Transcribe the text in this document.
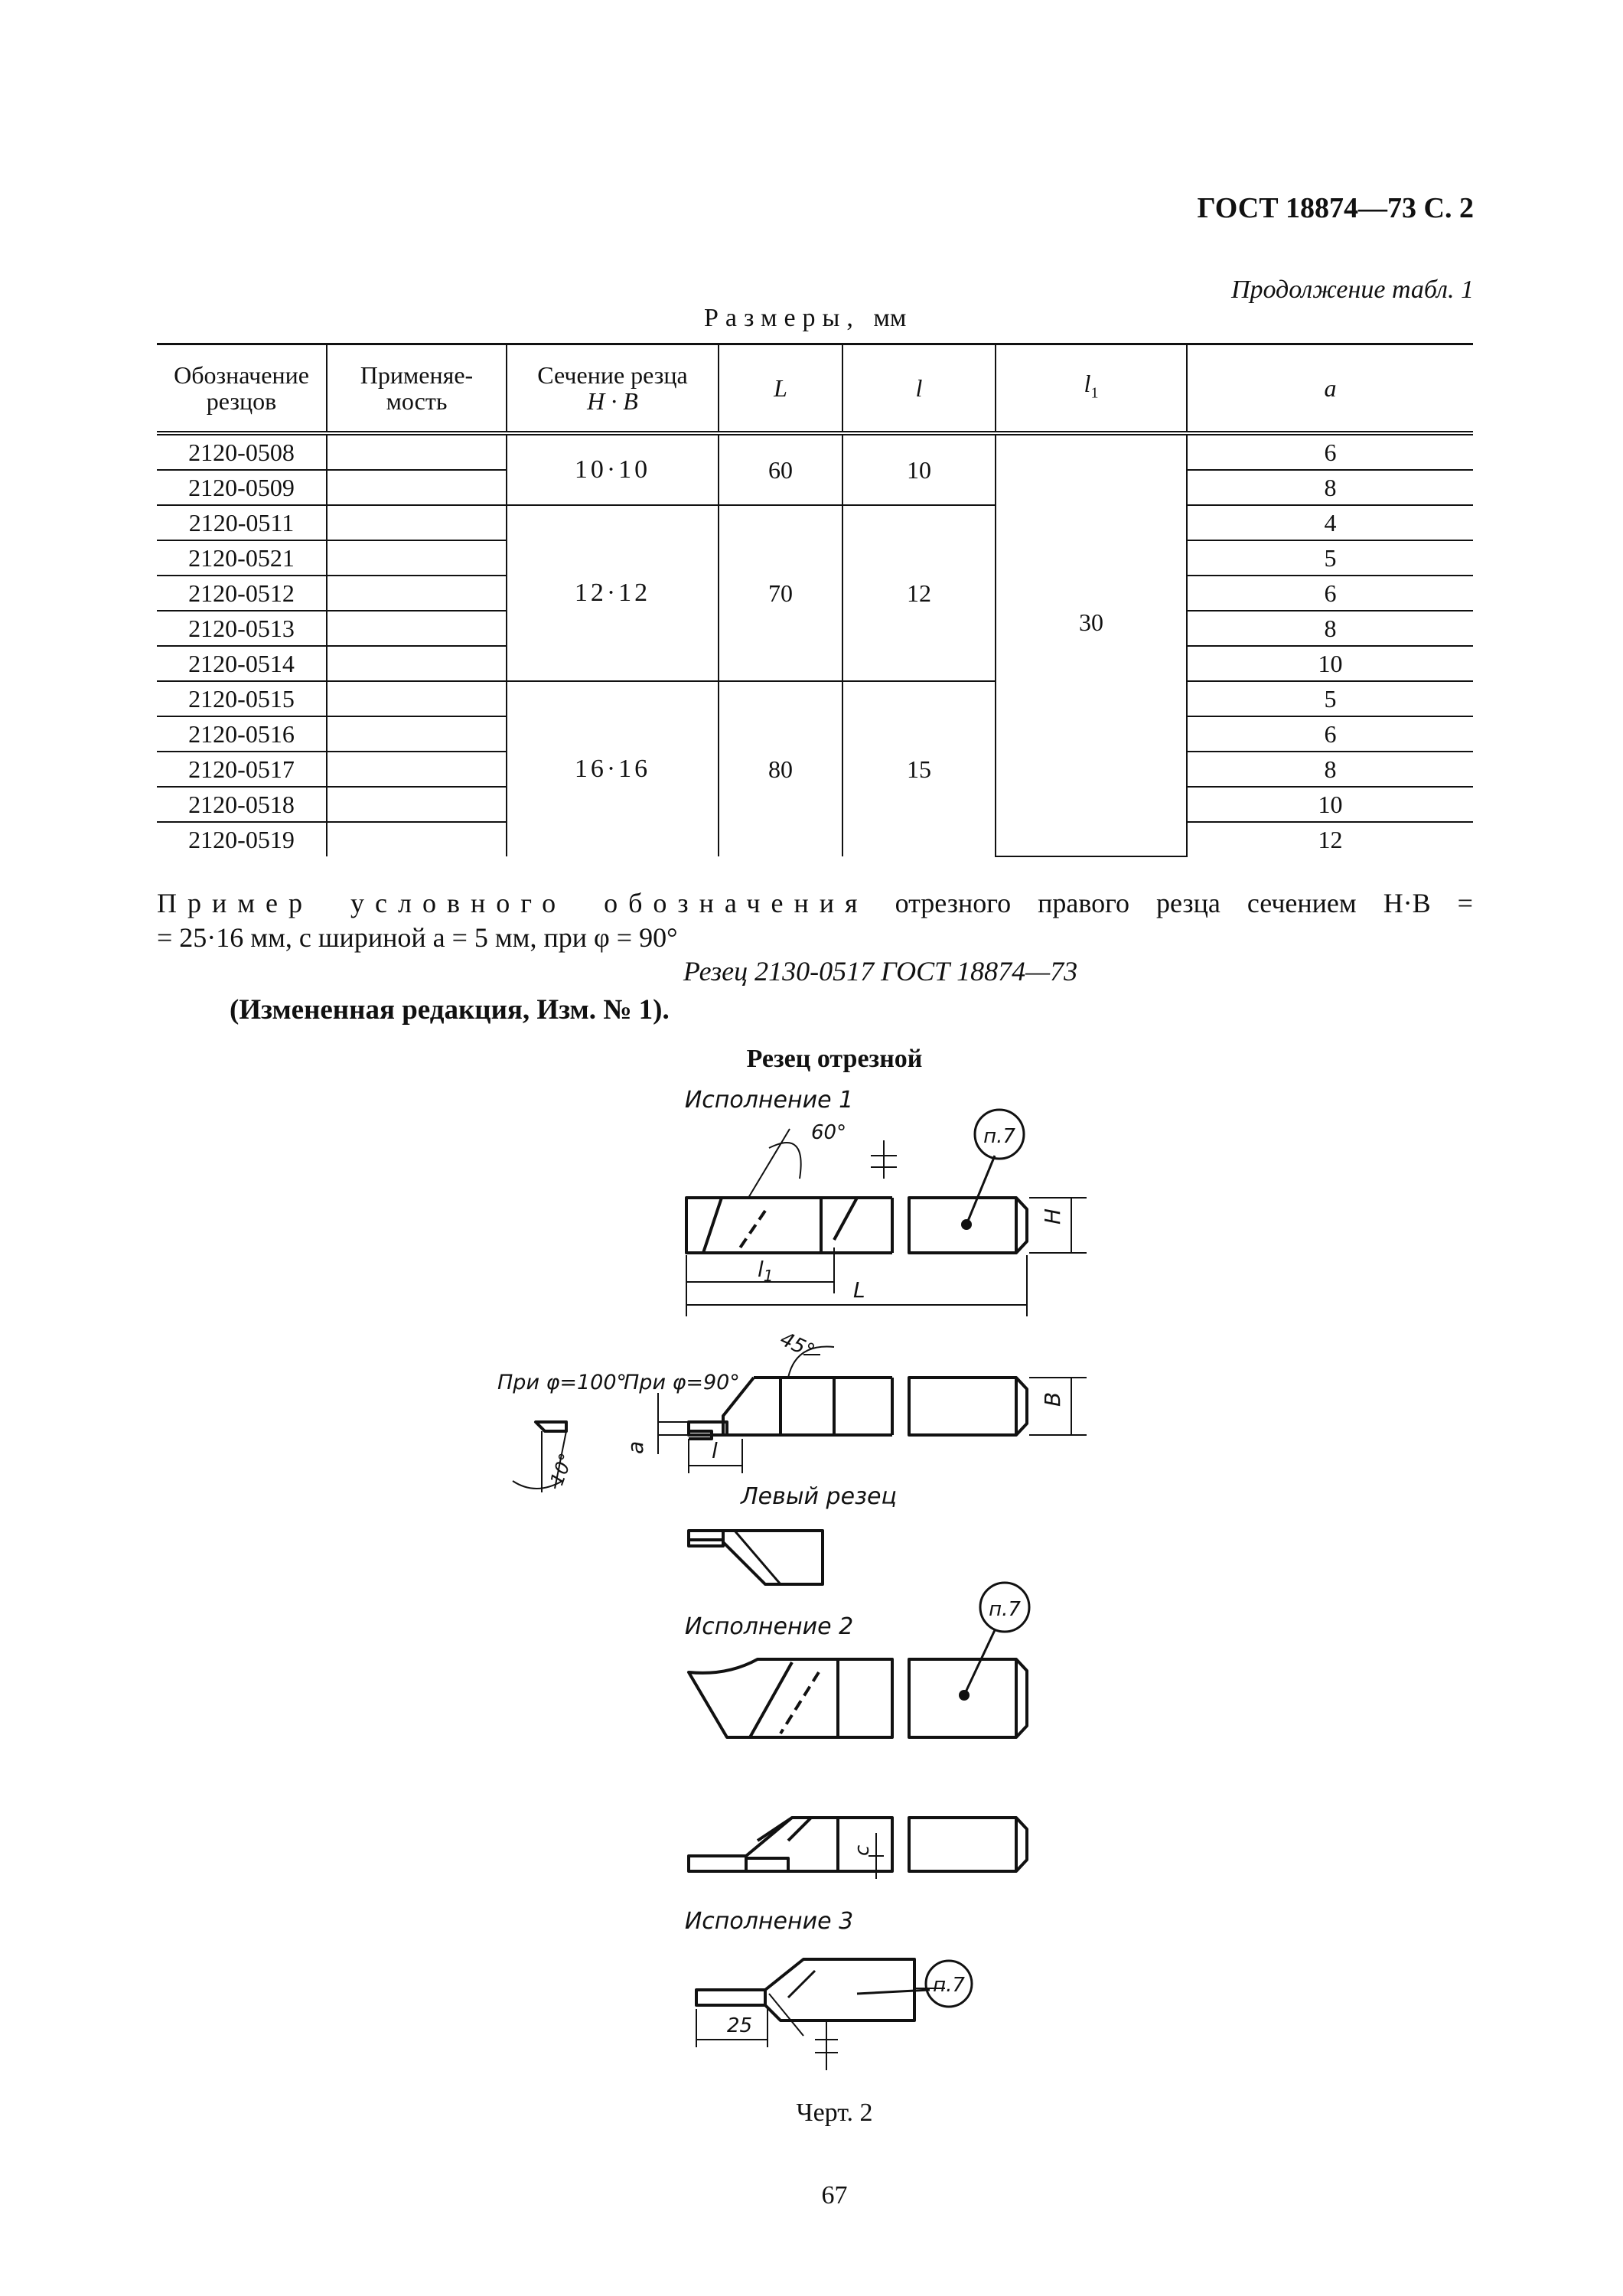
ГОСТ 18874—73 С. 2
Продолжение табл. 1
Размеры, мм
Обозначение резцов	Применяе-мость	Сечение резца
H · B	L	l	$l_1$	a
2120-0508		10·10	60	10	30	6
2120-0509						8
2120-0511		12·12	70	12		4
2120-0521						5
2120-0512						6
2120-0513						8
2120-0514						10
2120-0515		16·16	80	15		5
2120-0516						6
2120-0517						8
2120-0518						10
2120-0519						12
Пример условного обозначения отрезного правого резца сечением H·B =
= 25·16 мм, с шириной a = 5 мм, при φ = 90°
Резец 2130-0517 ГОСТ 18874—73
(Измененная редакция, Изм. № 1).
Резец отрезной
Исполнение 1
п.7
60°
H
$l_1$
L
При φ=100°
При φ=90°
45°
B
a	l
10°
Левый резец
Исполнение 2
п.7
c
Исполнение 3
п.7
25
Черт. 2
67
